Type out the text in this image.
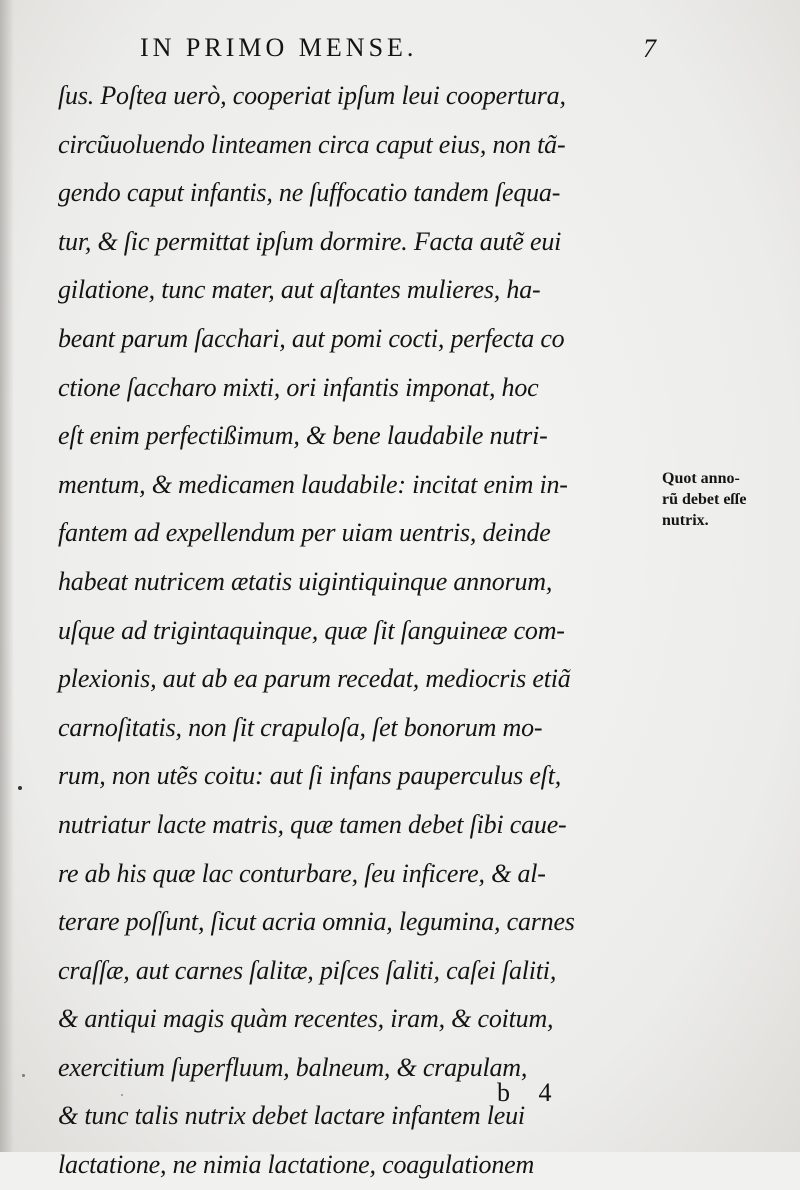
IN PRIMO MENSE.	7
ſus. Poſtea uerò, cooperiat ipſum leui coopertura,
circũuoluendo linteamen circa caput eius, non tã-
gendo caput infantis, ne ſuffocatio tandem ſequa-
tur, & ſic permittat ipſum dormire. Facta autẽ eui
gilatione, tunc mater, aut aſtantes mulieres, ha-
beant parum ſacchari, aut pomi cocti, perfecta co
ctione ſaccharo mixti, ori infantis imponat, hoc
eſt enim perfectißimum, & bene laudabile nutri-
mentum, & medicamen laudabile: incitat enim in-
fantem ad expellendum per uiam uentris, deinde
habeat nutricem ætatis uigintiquinque annorum,
uſque ad trigintaquinque, quæ ſit ſanguineæ com-
plexionis, aut ab ea parum recedat, mediocris etiã
carnoſitatis, non ſit crapuloſa, ſet bonorum mo-
rum, non utẽs coitu: aut ſi infans pauperculus eſt,
nutriatur lacte matris, quæ tamen debet ſibi caue-
re ab his quæ lac conturbare, ſeu inficere, & al-
terare poſſunt, ſicut acria omnia, legumina, carnes
craſſæ, aut carnes ſalitæ, piſces ſaliti, caſei ſaliti,
& antiqui magis quàm recentes, iram, & coitum,
exercitium ſuperfluum, balneum, & crapulam,
& tunc talis nutrix debet lactare infantem leui
lactatione, ne nimia lactatione, coagulationem
Quot anno-
rũ debet eſſe
nutrix.
b 4
